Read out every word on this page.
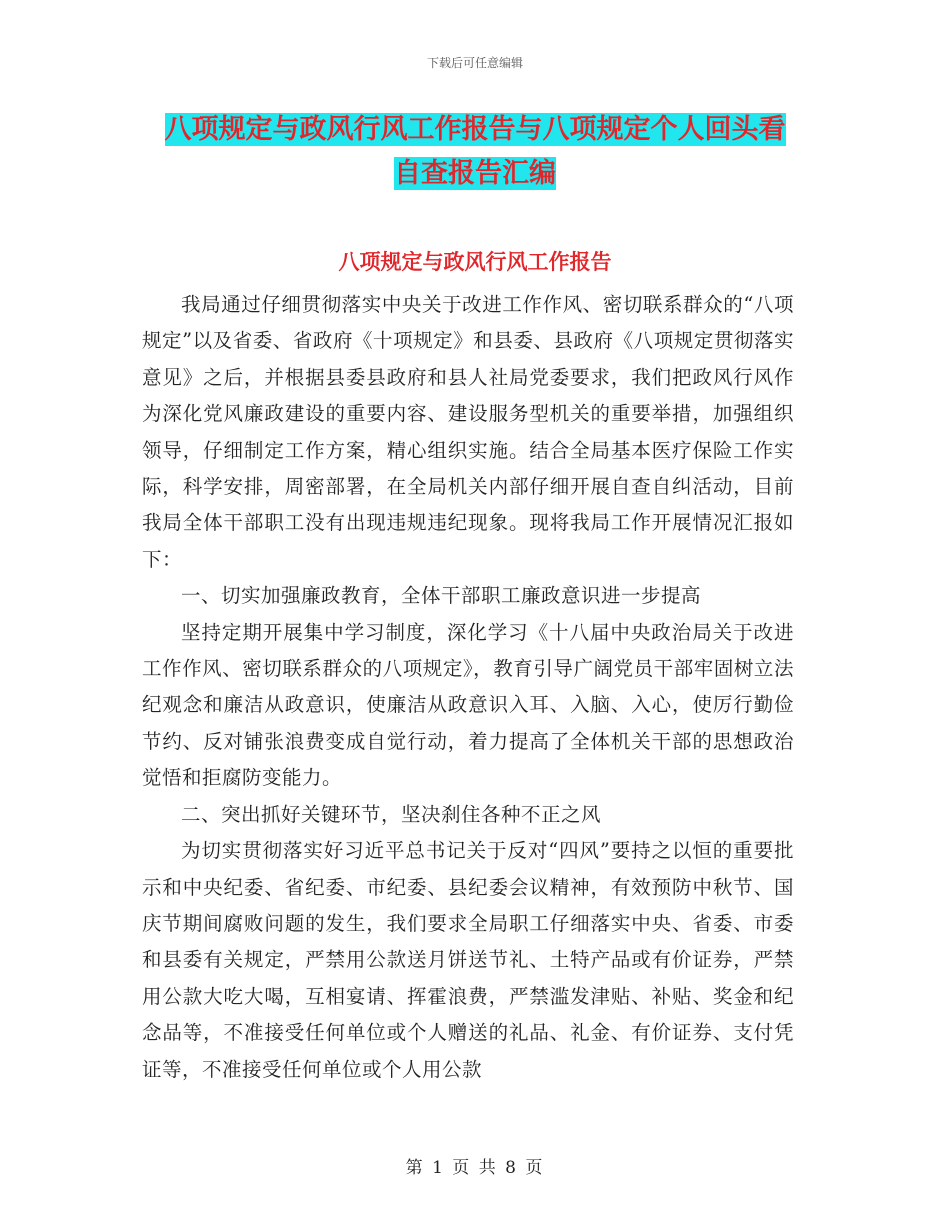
下载后可任意编辑
八项规定与政风行风工作报告与八项规定个人回头看
自查报告汇编
八项规定与政风行风工作报告

我局通过仔细贯彻落实中央关于改进工作作风、密切联系群众的“八项规定”以及省委、省政府《十项规定》和县委、县政府《八项规定贯彻落实意见》之后，并根据县委县政府和县人社局党委要求，我们把政风行风作为深化党风廉政建设的重要内容、建设服务型机关的重要举措，加强组织领导，仔细制定工作方案，精心组织实施。结合全局基本医疗保险工作实际，科学安排，周密部署，在全局机关内部仔细开展自查自纠活动，目前我局全体干部职工没有出现违规违纪现象。现将我局工作开展情况汇报如下：

一、切实加强廉政教育，全体干部职工廉政意识进一步提高

坚持定期开展集中学习制度，深化学习《十八届中央政治局关于改进工作作风、密切联系群众的八项规定》，教育引导广阔党员干部牢固树立法纪观念和廉洁从政意识，使廉洁从政意识入耳、入脑、入心，使厉行勤俭节约、反对铺张浪费变成自觉行动，着力提高了全体机关干部的思想政治觉悟和拒腐防变能力。

二、突出抓好关键环节，坚决刹住各种不正之风

为切实贯彻落实好习近平总书记关于反对“四风”要持之以恒的重要批示和中央纪委、省纪委、市纪委、县纪委会议精神，有效预防中秋节、国庆节期间腐败问题的发生，我们要求全局职工仔细落实中央、省委、市委和县委有关规定，严禁用公款送月饼送节礼、土特产品或有价证券，严禁用公款大吃大喝，互相宴请、挥霍浪费，严禁滥发津贴、补贴、奖金和纪念品等，不准接受任何单位或个人赠送的礼品、礼金、有价证券、支付凭证等，不准接受任何单位或个人用公款

第 1 页 共 8 页
